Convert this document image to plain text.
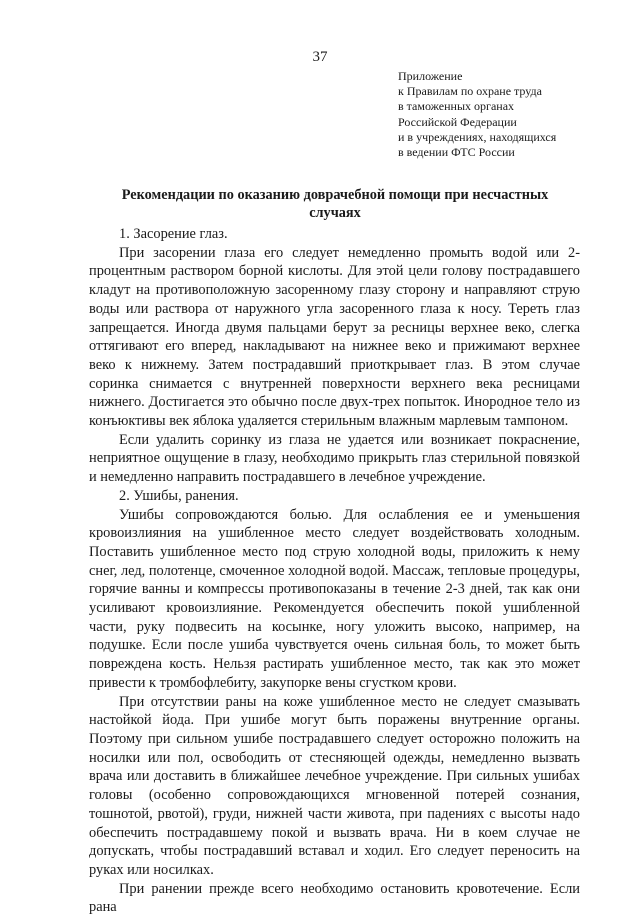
37
Приложение
к Правилам по охране труда
в таможенных органах
Российской Федерации
и в учреждениях, находящихся
в ведении ФТС России
Рекомендации по оказанию доврачебной помощи при несчастных случаях

1. Засорение глаз.

При засорении глаза его следует немедленно промыть водой или 2-процентным раствором борной кислоты. Для этой цели голову пострадавшего кладут на противоположную засоренному глазу сторону и направляют струю воды или раствора от наружного угла засоренного глаза к носу. Тереть глаз запрещается. Иногда двумя пальцами берут за ресницы верхнее веко, слегка оттягивают его вперед, накладывают на нижнее веко и прижимают верхнее веко к нижнему. Затем пострадавший приоткрывает глаз. В этом случае соринка снимается с внутренней поверхности верхнего века ресницами нижнего. Достигается это обычно после двух-трех попыток. Инородное тело из конъюктивы век яблока удаляется стерильным влажным марлевым тампоном.

Если удалить соринку из глаза не удается или возникает покраснение, неприятное ощущение в глазу, необходимо прикрыть глаз стерильной повязкой и немедленно направить пострадавшего в лечебное учреждение.

2. Ушибы, ранения.

Ушибы сопровождаются болью. Для ослабления ее и уменьшения кровоизлияния на ушибленное место следует воздействовать холодным. Поставить ушибленное место под струю холодной воды, приложить к нему снег, лед, полотенце, смоченное холодной водой. Массаж, тепловые процедуры, горячие ванны и компрессы противопоказаны в течение 2-3 дней, так как они усиливают кровоизлияние. Рекомендуется обеспечить покой ушибленной части, руку подвесить на косынке, ногу уложить высоко, например, на подушке. Если после ушиба чувствуется очень сильная боль, то может быть повреждена кость. Нельзя растирать ушибленное место, так как это может привести к тромбофлебиту, закупорке вены сгустком крови.

При отсутствии раны на коже ушибленное место не следует смазывать настойкой йода. При ушибе могут быть поражены внутренние органы. Поэтому при сильном ушибе пострадавшего следует осторожно положить на носилки или пол, освободить от стесняющей одежды, немедленно вызвать врача или доставить в ближайшее лечебное учреждение. При сильных ушибах головы (особенно сопровождающихся мгновенной потерей сознания, тошнотой, рвотой), груди, нижней части живота, при падениях с высоты надо обеспечить пострадавшему покой и вызвать врача. Ни в коем случае не допускать, чтобы пострадавший вставал и ходил. Его следует переносить на руках или носилках.

При ранении прежде всего необходимо остановить кровотечение. Если рана
